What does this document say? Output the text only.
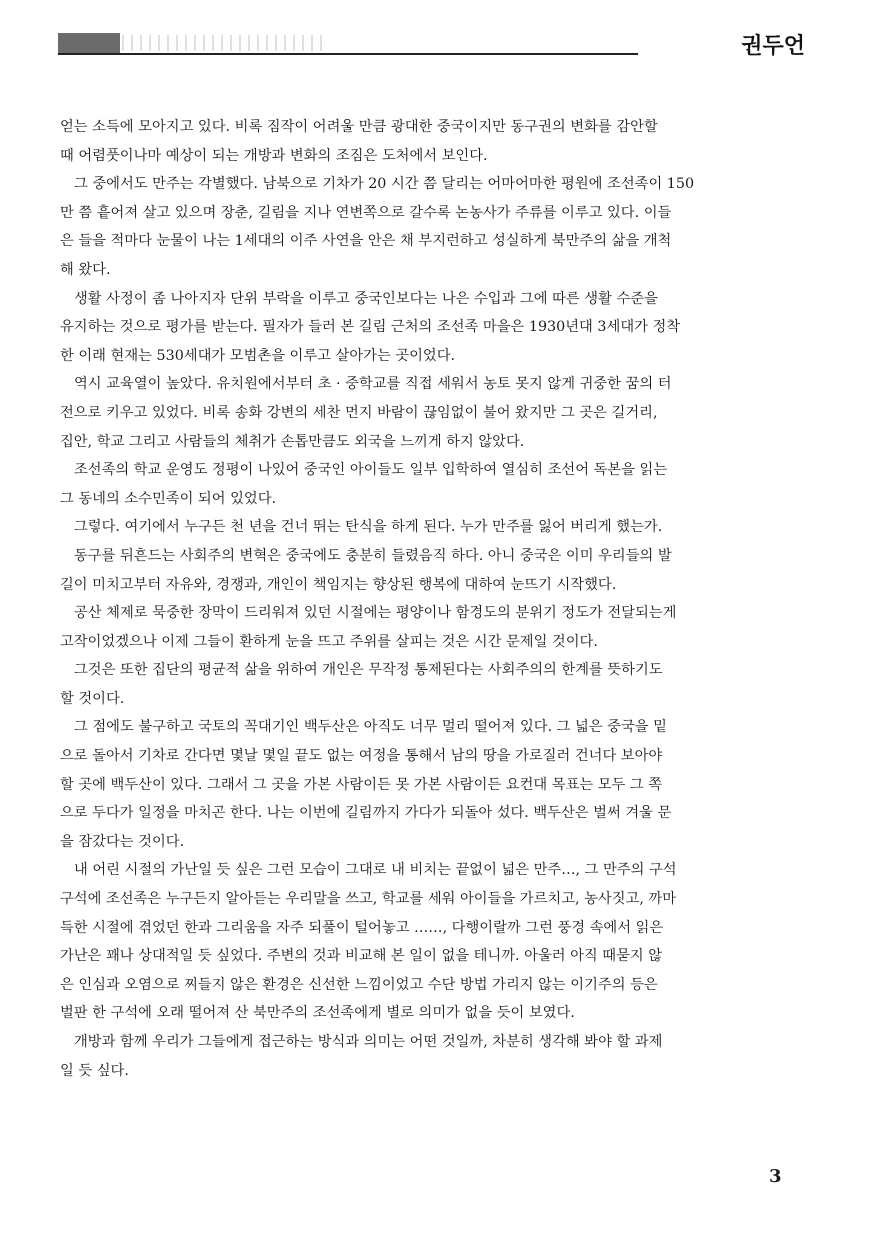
권두언
얻는 소득에 모아지고 있다. 비록 짐작이 어려울 만큼 광대한 중국이지만 동구권의 변화를 감안할
때 어렴풋이나마 예상이 되는 개방과 변화의 조짐은 도처에서 보인다.
그 중에서도 만주는 각별했다. 남북으로 기차가 20 시간 쯤 달리는 어마어마한 평원에 조선족이 150
만 쯤 흩어져 살고 있으며 장춘, 길림을 지나 연변쪽으로 갈수록 논농사가 주류를 이루고 있다. 이들
은 들을 적마다 눈물이 나는 1세대의 이주 사연을 안은 채 부지런하고 성실하게 북만주의 삶을 개척
해 왔다.
생활 사정이 좀 나아지자 단위 부락을 이루고 중국인보다는 나은 수입과 그에 따른 생활 수준을
유지하는 것으로 평가를 받는다. 필자가 들러 본 길림 근처의 조선족 마을은 1930년대 3세대가 정착
한 이래 현재는 530세대가 모범촌을 이루고 살아가는 곳이었다.
역시 교육열이 높았다. 유치원에서부터 초 · 중학교를 직접 세워서 농토 못지 않게 귀중한 꿈의 터
전으로 키우고 있었다. 비록 송화 강변의 세찬 먼지 바람이 끊임없이 불어 왔지만 그 곳은 길거리,
집안, 학교 그리고 사람들의 체취가 손톱만큼도 외국을 느끼게 하지 않았다.
조선족의 학교 운영도 정평이 나있어 중국인 아이들도 일부 입학하여 열심히 조선어 독본을 읽는
그 동네의 소수민족이 되어 있었다.
그렇다. 여기에서 누구든 천 년을 건너 뛰는 탄식을 하게 된다. 누가 만주를 잃어 버리게 했는가.
동구를 뒤흔드는 사회주의 변혁은 중국에도 충분히 들렸음직 하다. 아니 중국은 이미 우리들의 발
길이 미치고부터 자유와, 경쟁과, 개인이 책임지는 향상된 행복에 대하여 눈뜨기 시작했다.
공산 체제로 묵중한 장막이 드리워져 있던 시절에는 평양이나 함경도의 분위기 정도가 전달되는게
고작이었겠으나 이제 그들이 환하게 눈을 뜨고 주위를 살피는 것은 시간 문제일 것이다.
그것은 또한 집단의 평균적 삶을 위하여 개인은 무작정 통제된다는 사회주의의 한계를 뜻하기도
할 것이다.
그 점에도 불구하고 국토의 꼭대기인 백두산은 아직도 너무 멀리 떨어져 있다. 그 넓은 중국을 밑
으로 돌아서 기차로 간다면 몇날 몇일 끝도 없는 여정을 통해서 남의 땅을 가로질러 건너다 보아야
할 곳에 백두산이 있다. 그래서 그 곳을 가본 사람이든 못 가본 사람이든 요컨대 목표는 모두 그 쪽
으로 두다가 일정을 마치곤 한다. 나는 이번에 길림까지 가다가 되돌아 섰다. 백두산은 벌써 겨울 문
을 잠갔다는 것이다.
내 어린 시절의 가난일 듯 싶은 그런 모습이 그대로 내 비치는 끝없이 넓은 만주…, 그 만주의 구석
구석에 조선족은 누구든지 알아듣는 우리말을 쓰고, 학교를 세워 아이들을 가르치고, 농사짓고, 까마
득한 시절에 겪었던 한과 그리움을 자주 되풀이 털어놓고 ……, 다행이랄까 그런 풍경 속에서 읽은
가난은 꽤나 상대적일 듯 싶었다. 주변의 것과 비교해 본 일이 없을 테니까. 아울러 아직 때묻지 않
은 인심과 오염으로 찌들지 않은 환경은 신선한 느낌이었고 수단 방법 가리지 않는 이기주의 등은
벌판 한 구석에 오래 떨어져 산 북만주의 조선족에게 별로 의미가 없을 듯이 보였다.
개방과 함께 우리가 그들에게 접근하는 방식과 의미는 어떤 것일까, 차분히 생각해 봐야 할 과제
일 듯 싶다.
3
